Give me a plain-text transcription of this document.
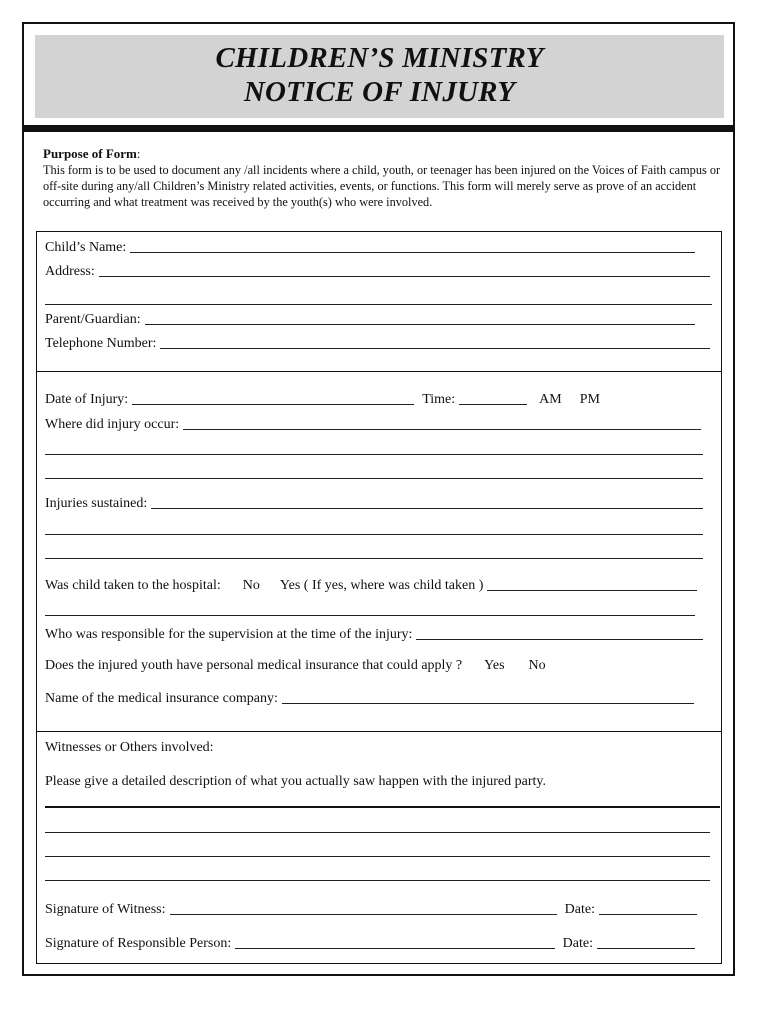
CHILDREN’S MINISTRY
NOTICE OF INJURY
Purpose of Form:
This form is to be used to document any /all incidents where a child, youth, or teenager has been injured on the Voices of Faith campus or off-site during any/all Children’s Ministry related activities, events, or functions. This form will merely serve as prove of an accident occurring and what treatment was received by the youth(s) who were involved.
Child’s Name:
Address:
Parent/Guardian:
Telephone Number:
Date of Injury:	Time:	AM	PM
Where did injury occur:
Injuries sustained:
Was child taken to the hospital: No	Yes ( If yes, where was child taken )
Who was responsible for the supervision at the time of the injury:
Does the injured youth have personal medical insurance that could apply ? Yes	No
Name of the medical insurance company:
Witnesses or Others involved:
Please give a detailed description of what you actually saw happen with the injured party.
Signature of Witness:	Date:
Signature of Responsible Person:	Date:
